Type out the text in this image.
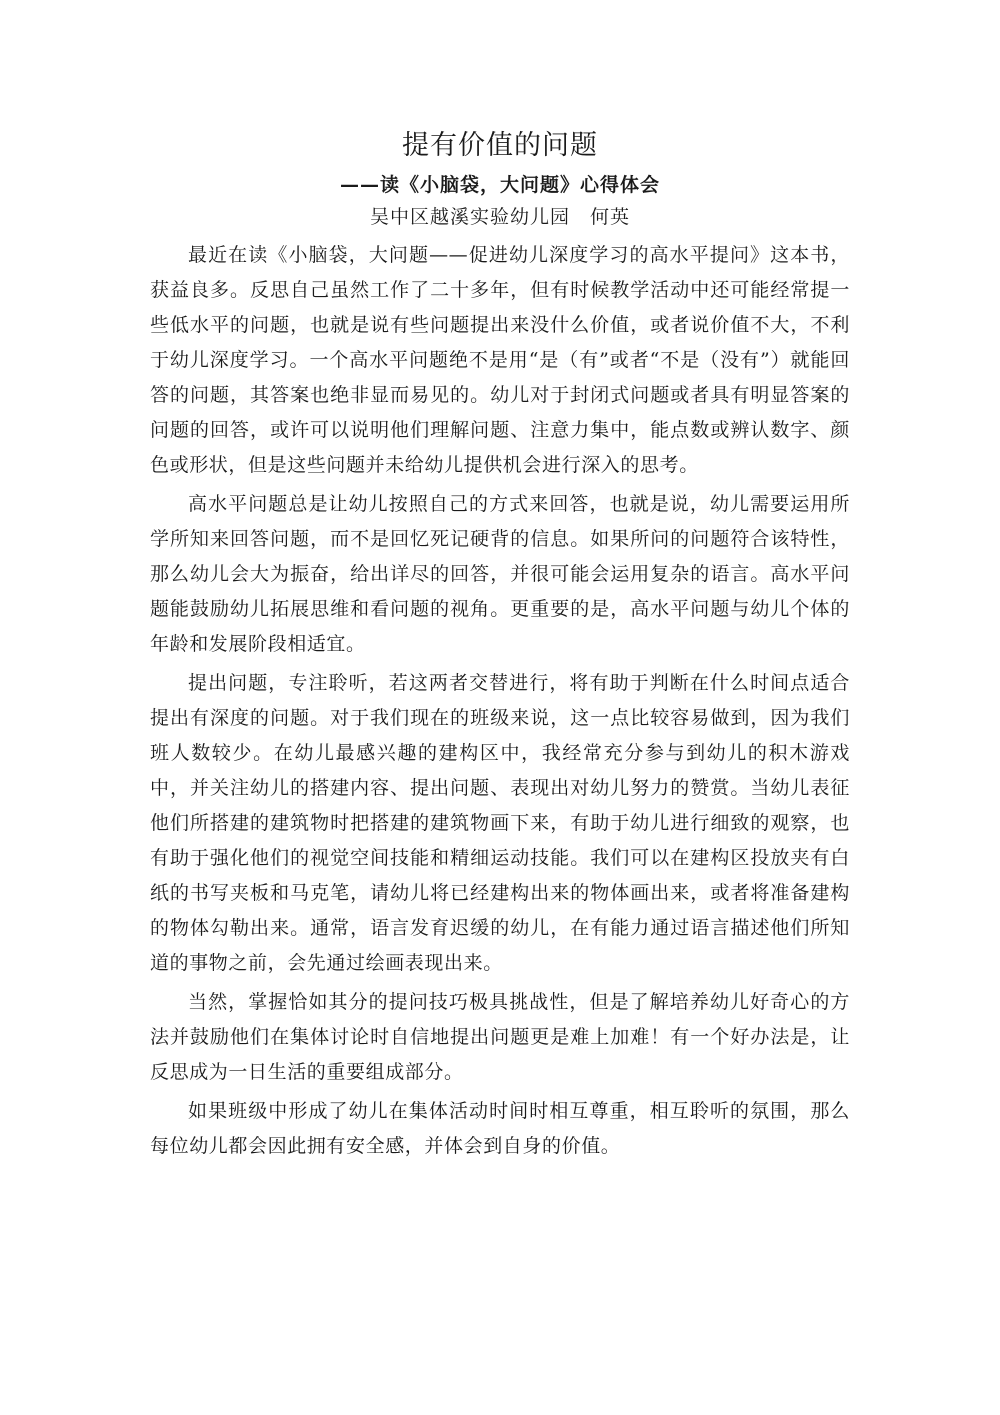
提有价值的问题
——读《小脑袋，大问题》心得体会
吴中区越溪实验幼儿园　何英

最近在读《小脑袋，大问题——促进幼儿深度学习的高水平提问》这本书，获益良多。反思自己虽然工作了二十多年，但有时候教学活动中还可能经常提一些低水平的问题，也就是说有些问题提出来没什么价值，或者说价值不大，不利于幼儿深度学习。一个高水平问题绝不是用“是（有”或者“不是（没有”）就能回答的问题，其答案也绝非显而易见的。幼儿对于封闭式问题或者具有明显答案的问题的回答，或许可以说明他们理解问题、注意力集中，能点数或辨认数字、颜色或形状，但是这些问题并未给幼儿提供机会进行深入的思考。

高水平问题总是让幼儿按照自己的方式来回答，也就是说，幼儿需要运用所学所知来回答问题，而不是回忆死记硬背的信息。如果所问的问题符合该特性，那么幼儿会大为振奋，给出详尽的回答，并很可能会运用复杂的语言。高水平问题能鼓励幼儿拓展思维和看问题的视角。更重要的是，高水平问题与幼儿个体的年龄和发展阶段相适宜。

提出问题，专注聆听，若这两者交替进行，将有助于判断在什么时间点适合提出有深度的问题。对于我们现在的班级来说，这一点比较容易做到，因为我们班人数较少。在幼儿最感兴趣的建构区中，我经常充分参与到幼儿的积木游戏中，并关注幼儿的搭建内容、提出问题、表现出对幼儿努力的赞赏。当幼儿表征他们所搭建的建筑物时把搭建的建筑物画下来，有助于幼儿进行细致的观察，也有助于强化他们的视觉空间技能和精细运动技能。我们可以在建构区投放夹有白纸的书写夹板和马克笔，请幼儿将已经建构出来的物体画出来，或者将准备建构的物体勾勒出来。通常，语言发育迟缓的幼儿，在有能力通过语言描述他们所知道的事物之前，会先通过绘画表现出来。

当然，掌握恰如其分的提问技巧极具挑战性，但是了解培养幼儿好奇心的方法并鼓励他们在集体讨论时自信地提出问题更是难上加难！有一个好办法是，让反思成为一日生活的重要组成部分。

如果班级中形成了幼儿在集体活动时间时相互尊重，相互聆听的氛围，那么每位幼儿都会因此拥有安全感，并体会到自身的价值。
